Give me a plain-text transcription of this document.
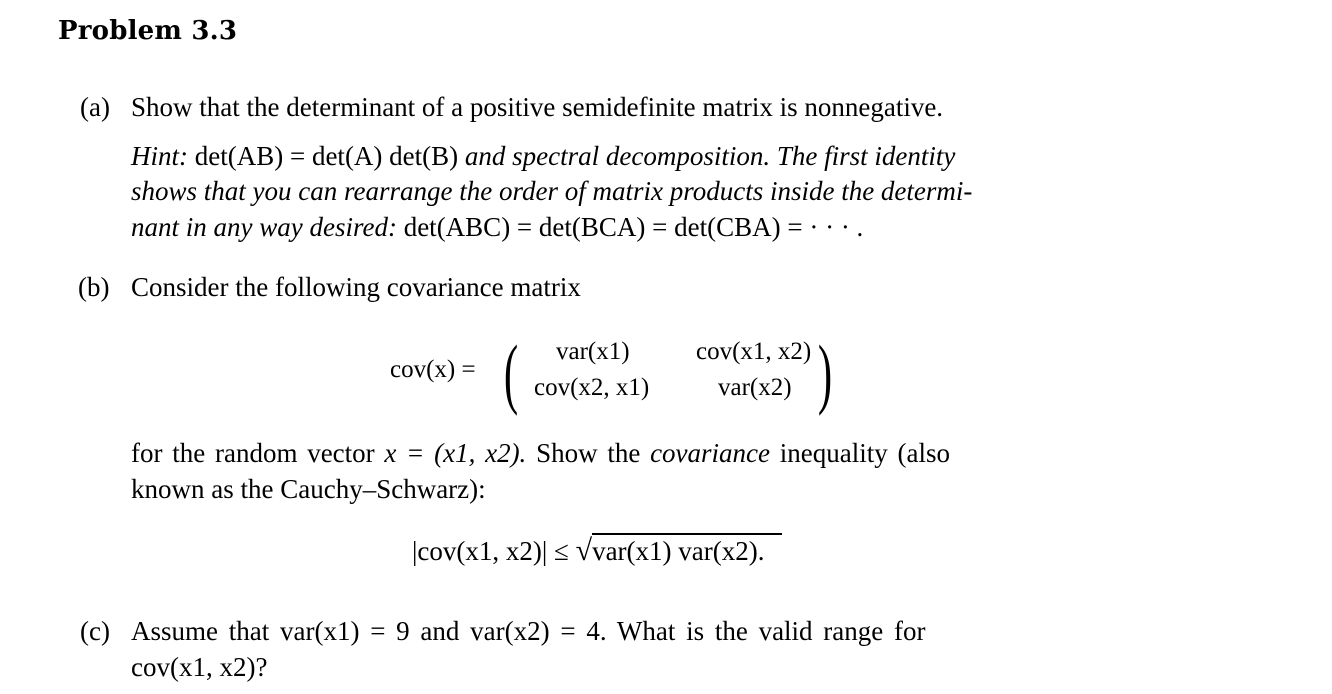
Problem 3.3
(a) Show that the determinant of a positive semidefinite matrix is nonnegative.
Hint: det(AB) = det(A) det(B) and spectral decomposition. The first identity
shows that you can rearrange the order of matrix products inside the determi-
nant in any way desired: det(ABC) = det(BCA) = det(CBA) = · · · .
(b) Consider the following covariance matrix
cov(x) = ( var(x1)	cov(x1, x2)
cov(x2, x1)	var(x2) )
for the random vector x = (x1, x2). Show the covariance inequality (also
known as the Cauchy–Schwarz):
|cov(x1, x2)| ≤ √
var(x1) var(x2).
(c) Assume that var(x1) = 9 and var(x2) = 4. What is the valid range for
cov(x1, x2)?
